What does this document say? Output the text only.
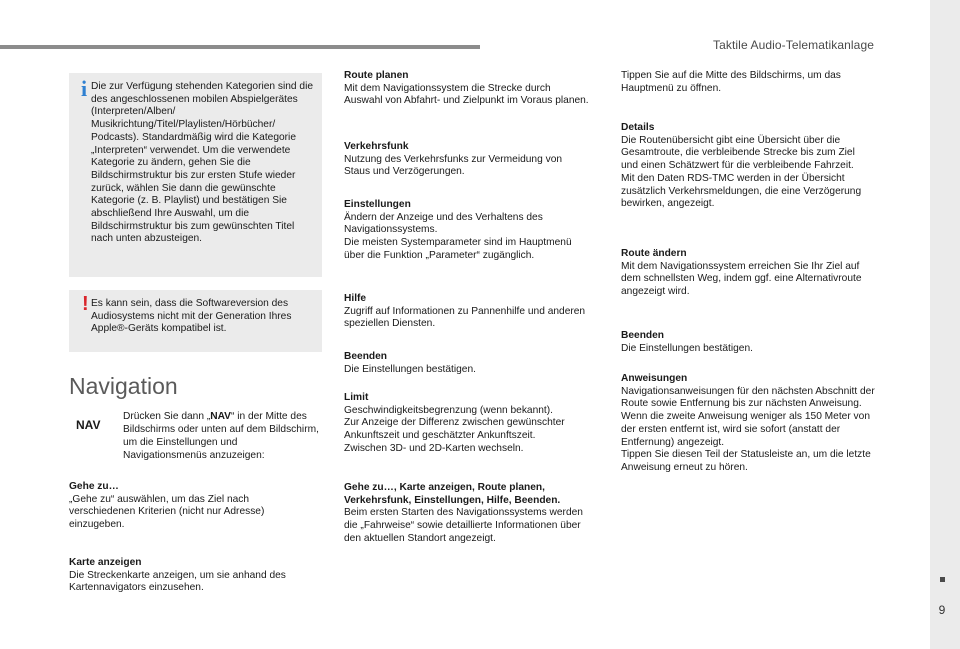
Taktile Audio-Telematikanlage
9
i Die zur Verfügung stehenden Kategorien sind die des angeschlossenen mobilen Abspielgerätes (Interpreten/Alben/ Musikrichtung/Titel/Playlisten/Hörbücher/ Podcasts). Standardmäßig wird die Kategorie „Interpreten“ verwendet. Um die verwendete Kategorie zu ändern, gehen Sie die Bildschirmstruktur bis zur ersten Stufe wieder zurück, wählen Sie dann die gewünschte Kategorie (z. B. Playlist) und bestätigen Sie abschließend Ihre Auswahl, um die Bildschirmstruktur bis zum gewünschten Titel nach unten abzusteigen.
! Es kann sein, dass die Softwareversion des Audiosystems nicht mit der Generation Ihres Apple®-Geräts kompatibel ist.
Navigation
NAV
Drücken Sie dann „NAV“ in der Mitte des Bildschirms oder unten auf dem Bildschirm, um die Einstellungen und Navigationsmenüs anzuzeigen:
Gehe zu…
„Gehe zu“ auswählen, um das Ziel nach verschiedenen Kriterien (nicht nur Adresse) einzugeben.
Karte anzeigen
Die Streckenkarte anzeigen, um sie anhand des Kartennavigators einzusehen.
Route planen
Mit dem Navigationssystem die Strecke durch Auswahl von Abfahrt- und Zielpunkt im Voraus planen.
Verkehrsfunk
Nutzung des Verkehrsfunks zur Vermeidung von Staus und Verzögerungen.
Einstellungen
Ändern der Anzeige und des Verhaltens des Navigationssystems.
Die meisten Systemparameter sind im Hauptmenü über die Funktion „Parameter“ zugänglich.
Hilfe
Zugriff auf Informationen zu Pannenhilfe und anderen speziellen Diensten.
Beenden
Die Einstellungen bestätigen.
Limit
Geschwindigkeitsbegrenzung (wenn bekannt).
Zur Anzeige der Differenz zwischen gewünschter Ankunftszeit und geschätzter Ankunftszeit.
Zwischen 3D- und 2D-Karten wechseln.
Gehe zu…, Karte anzeigen, Route planen, Verkehrsfunk, Einstellungen, Hilfe, Beenden.
Beim ersten Starten des Navigationssystems werden die „Fahrweise“ sowie detaillierte Informationen über den aktuellen Standort angezeigt.
Tippen Sie auf die Mitte des Bildschirms, um das Hauptmenü zu öffnen.
Details
Die Routenübersicht gibt eine Übersicht über die Gesamtroute, die verbleibende Strecke bis zum Ziel und einen Schätzwert für die verbleibende Fahrzeit.
Mit den Daten RDS-TMC werden in der Übersicht zusätzlich Verkehrsmeldungen, die eine Verzögerung bewirken, angezeigt.
Route ändern
Mit dem Navigationssystem erreichen Sie Ihr Ziel auf dem schnellsten Weg, indem ggf. eine Alternativroute angezeigt wird.
Beenden
Die Einstellungen bestätigen.
Anweisungen
Navigationsanweisungen für den nächsten Abschnitt der Route sowie Entfernung bis zur nächsten Anweisung. Wenn die zweite Anweisung weniger als 150 Meter von der ersten entfernt ist, wird sie sofort (anstatt der Entfernung) angezeigt.
Tippen Sie diesen Teil der Statusleiste an, um die letzte Anweisung erneut zu hören.
